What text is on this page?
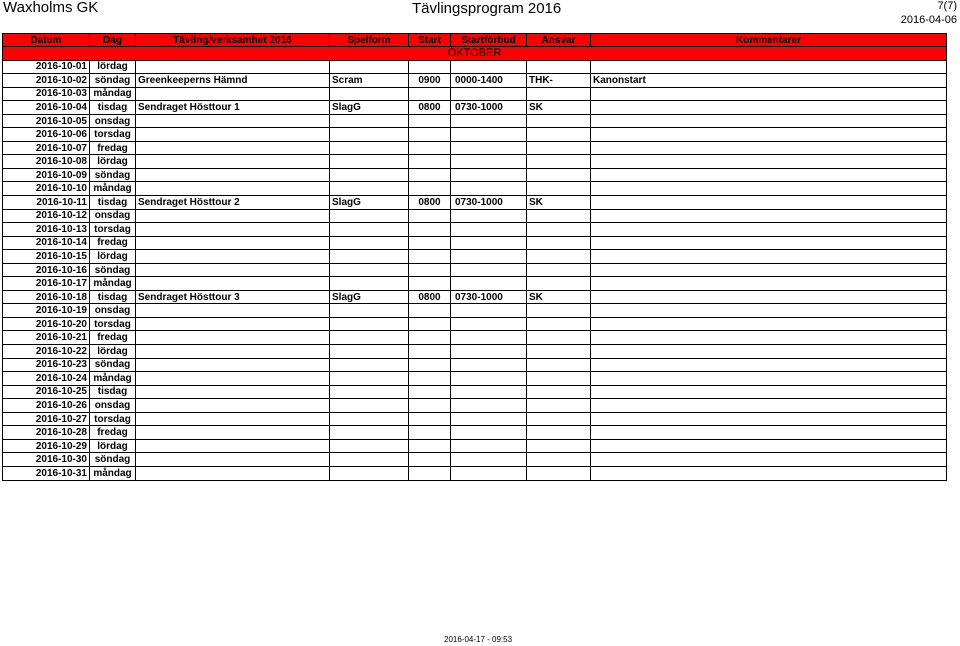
Waxholms GK	Tävlingsprogram 2016	7(7)
2016-04-06
Datum	Dag	Tävling/verksamhet 2016	Spelform	Start	Startförbud	Ansvar	Kommentarer
OKTOBER							
2016-10-01	lördag						
2016-10-02	söndag	Greenkeeperns Hämnd	Scram	0900	0000-1400	THK-	Kanonstart
2016-10-03	måndag						
2016-10-04	tisdag	Sendraget Hösttour 1	SlagG	0800	0730-1000	SK	
2016-10-05	onsdag						
2016-10-06	torsdag						
2016-10-07	fredag						
2016-10-08	lördag						
2016-10-09	söndag						
2016-10-10	måndag						
2016-10-11	tisdag	Sendraget Hösttour 2	SlagG	0800	0730-1000	SK	
2016-10-12	onsdag						
2016-10-13	torsdag						
2016-10-14	fredag						
2016-10-15	lördag						
2016-10-16	söndag						
2016-10-17	måndag						
2016-10-18	tisdag	Sendraget Hösttour 3	SlagG	0800	0730-1000	SK	
2016-10-19	onsdag						
2016-10-20	torsdag						
2016-10-21	fredag						
2016-10-22	lördag						
2016-10-23	söndag						
2016-10-24	måndag						
2016-10-25	tisdag						
2016-10-26	onsdag						
2016-10-27	torsdag						
2016-10-28	fredag						
2016-10-29	lördag						
2016-10-30	söndag						
2016-10-31	måndag						
2016-04-17 - 09:53
